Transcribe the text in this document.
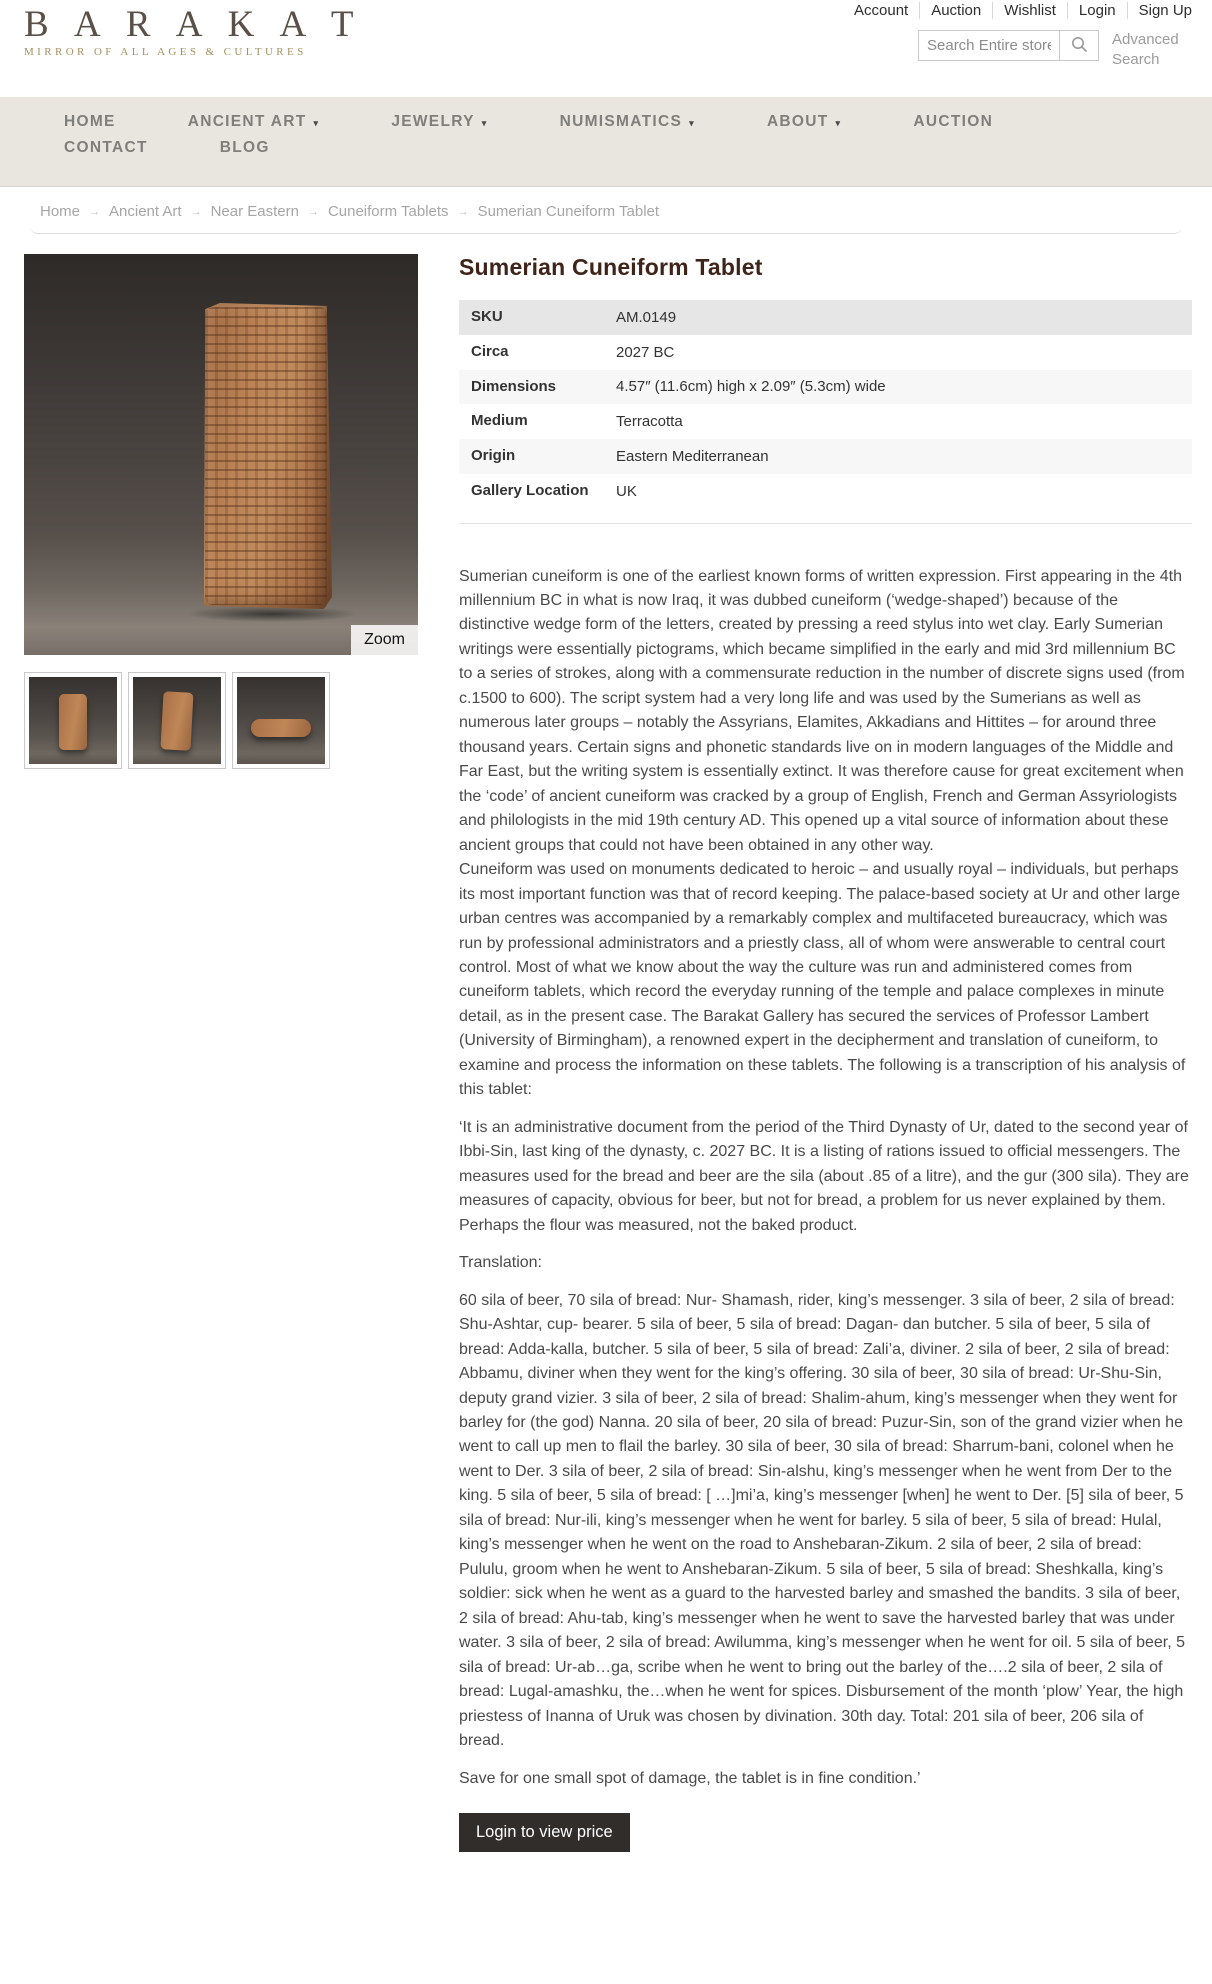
B A R A K A T
MIRROR OF ALL AGES & CULTURES
Account	Auction	Wishlist	Login	Sign Up
Search Entire store...
Advanced Search
HOME	ANCIENT ART ▾	JEWELRY ▾	NUMISMATICS ▾	ABOUT ▾	AUCTION
CONTACT	BLOG
Home → Ancient Art → Near Eastern → Cuneiform Tablets → Sumerian Cuneiform Tablet
Zoom
Sumerian Cuneiform Tablet
SKU	AM.0149
Circa	2027 BC
Dimensions	4.57″ (11.6cm) high x 2.09″ (5.3cm) wide
Medium	Terracotta
Origin	Eastern Mediterranean
Gallery Location	UK

Sumerian cuneiform is one of the earliest known forms of written expression. First appearing in the 4th millennium BC in what is now Iraq, it was dubbed cuneiform (‘wedge-shaped’) because of the distinctive wedge form of the letters, created by pressing a reed stylus into wet clay. Early Sumerian writings were essentially pictograms, which became simplified in the early and mid 3rd millennium BC to a series of strokes, along with a commensurate reduction in the number of discrete signs used (from c.1500 to 600). The script system had a very long life and was used by the Sumerians as well as numerous later groups – notably the Assyrians, Elamites, Akkadians and Hittites – for around three thousand years. Certain signs and phonetic standards live on in modern languages of the Middle and Far East, but the writing system is essentially extinct. It was therefore cause for great excitement when the ‘code’ of ancient cuneiform was cracked by a group of English, French and German Assyriologists and philologists in the mid 19th century AD. This opened up a vital source of information about these ancient groups that could not have been obtained in any other way.

Cuneiform was used on monuments dedicated to heroic – and usually royal – individuals, but perhaps its most important function was that of record keeping. The palace-based society at Ur and other large urban centres was accompanied by a remarkably complex and multifaceted bureaucracy, which was run by professional administrators and a priestly class, all of whom were answerable to central court control. Most of what we know about the way the culture was run and administered comes from cuneiform tablets, which record the everyday running of the temple and palace complexes in minute detail, as in the present case. The Barakat Gallery has secured the services of Professor Lambert (University of Birmingham), a renowned expert in the decipherment and translation of cuneiform, to examine and process the information on these tablets. The following is a transcription of his analysis of this tablet:

‘It is an administrative document from the period of the Third Dynasty of Ur, dated to the second year of Ibbi-Sin, last king of the dynasty, c. 2027 BC. It is a listing of rations issued to official messengers. The measures used for the bread and beer are the sila (about .85 of a litre), and the gur (300 sila). They are measures of capacity, obvious for beer, but not for bread, a problem for us never explained by them. Perhaps the flour was measured, not the baked product.

Translation:

60 sila of beer, 70 sila of bread: Nur- Shamash, rider, king’s messenger. 3 sila of beer, 2 sila of bread: Shu-Ashtar, cup- bearer. 5 sila of beer, 5 sila of bread: Dagan- dan butcher. 5 sila of beer, 5 sila of bread: Adda-kalla, butcher. 5 sila of beer, 5 sila of bread: Zali’a, diviner. 2 sila of beer, 2 sila of bread: Abbamu, diviner when they went for the king’s offering. 30 sila of beer, 30 sila of bread: Ur-Shu-Sin, deputy grand vizier. 3 sila of beer, 2 sila of bread: Shalim-ahum, king’s messenger when they went for barley for (the god) Nanna. 20 sila of beer, 20 sila of bread: Puzur-Sin, son of the grand vizier when he went to call up men to flail the barley. 30 sila of beer, 30 sila of bread: Sharrum-bani, colonel when he went to Der. 3 sila of beer, 2 sila of bread: Sin-alshu, king’s messenger when he went from Der to the king. 5 sila of beer, 5 sila of bread: [ …]mi’a, king’s messenger [when] he went to Der. [5] sila of beer, 5 sila of bread: Nur-ili, king’s messenger when he went for barley. 5 sila of beer, 5 sila of bread: Hulal, king’s messenger when he went on the road to Anshebaran-Zikum. 2 sila of beer, 2 sila of bread: Pululu, groom when he went to Anshebaran-Zikum. 5 sila of beer, 5 sila of bread: Sheshkalla, king’s soldier: sick when he went as a guard to the harvested barley and smashed the bandits. 3 sila of beer, 2 sila of bread: Ahu-tab, king’s messenger when he went to save the harvested barley that was under water. 3 sila of beer, 2 sila of bread: Awilumma, king’s messenger when he went for oil. 5 sila of beer, 5 sila of bread: Ur-ab…ga, scribe when he went to bring out the barley of the….2 sila of beer, 2 sila of bread: Lugal-amashku, the…when he went for spices. Disbursement of the month ‘plow’ Year, the high priestess of Inanna of Uruk was chosen by divination. 30th day. Total: 201 sila of beer, 206 sila of bread.

Save for one small spot of damage, the tablet is in fine condition.’

Login to view price
